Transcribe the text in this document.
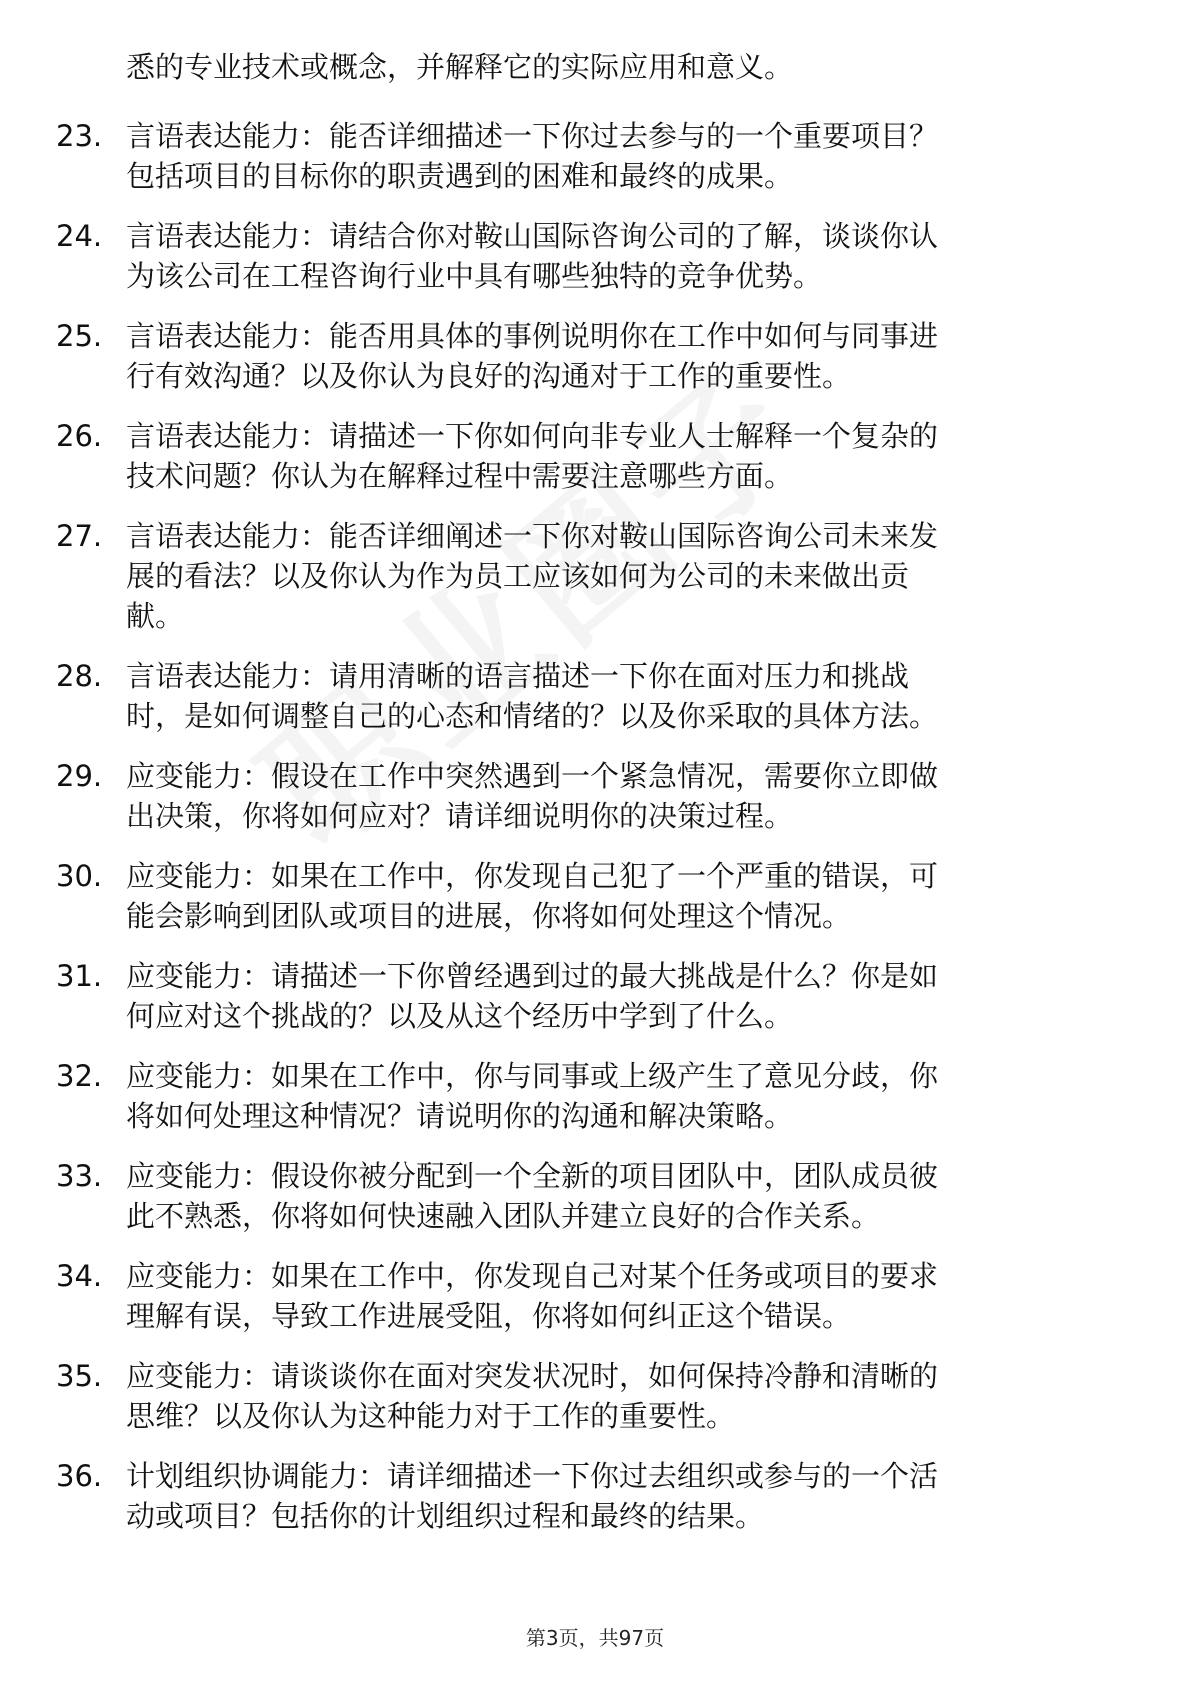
悉的专业技术或概念，并解释它的实际应用和意义。
23. 言语表达能力：能否详细描述一下你过去参与的一个重要项目？
包括项目的目标你的职责遇到的困难和最终的成果。
24. 言语表达能力：请结合你对鞍山国际咨询公司的了解，谈谈你认
为该公司在工程咨询行业中具有哪些独特的竞争优势。
25. 言语表达能力：能否用具体的事例说明你在工作中如何与同事进
行有效沟通？以及你认为良好的沟通对于工作的重要性。
26. 言语表达能力：请描述一下你如何向非专业人士解释一个复杂的
技术问题？你认为在解释过程中需要注意哪些方面。
27. 言语表达能力：能否详细阐述一下你对鞍山国际咨询公司未来发
展的看法？以及你认为作为员工应该如何为公司的未来做出贡
献。
28. 言语表达能力：请用清晰的语言描述一下你在面对压力和挑战
时，是如何调整自己的心态和情绪的？以及你采取的具体方法。
29. 应变能力：假设在工作中突然遇到一个紧急情况，需要你立即做
出决策，你将如何应对？请详细说明你的决策过程。
30. 应变能力：如果在工作中，你发现自己犯了一个严重的错误，可
能会影响到团队或项目的进展，你将如何处理这个情况。
31. 应变能力：请描述一下你曾经遇到过的最大挑战是什么？你是如
何应对这个挑战的？以及从这个经历中学到了什么。
32. 应变能力：如果在工作中，你与同事或上级产生了意见分歧，你
将如何处理这种情况？请说明你的沟通和解决策略。
33. 应变能力：假设你被分配到一个全新的项目团队中，团队成员彼
此不熟悉，你将如何快速融入团队并建立良好的合作关系。
34. 应变能力：如果在工作中，你发现自己对某个任务或项目的要求
理解有误，导致工作进展受阻，你将如何纠正这个错误。
35. 应变能力：请谈谈你在面对突发状况时，如何保持冷静和清晰的
思维？以及你认为这种能力对于工作的重要性。
36. 计划组织协调能力：请详细描述一下你过去组织或参与的一个活
动或项目？包括你的计划组织过程和最终的结果。
第3页，共97页
